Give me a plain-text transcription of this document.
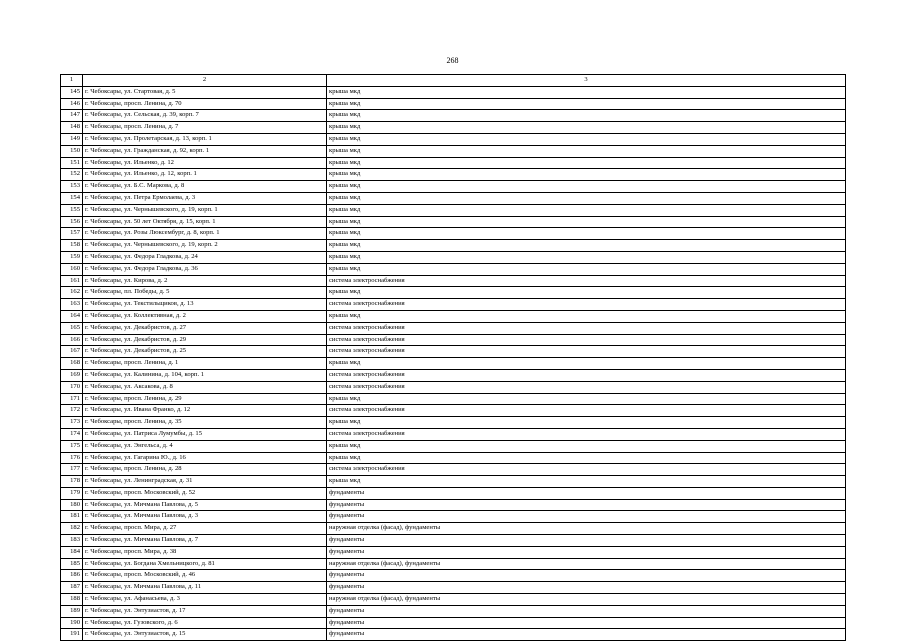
268
1	2	3
145	г. Чебоксары, ул. Стартовая, д. 5	крыша мкд
146	г. Чебоксары, просп. Ленина, д. 70	крыша мкд
147	г. Чебоксары, ул. Сельская, д. 39, корп. 7	крыша мкд
148	г. Чебоксары, просп. Ленина, д. 7	крыша мкд
149	г. Чебоксары, ул. Пролетарская, д. 13, корп. 1	крыша мкд
150	г. Чебоксары, ул. Гражданская, д. 92, корп. 1	крыша мкд
151	г. Чебоксары, ул. Ильенко, д. 12	крыша мкд
152	г. Чебоксары, ул. Ильенко, д. 12, корп. 1	крыша мкд
153	г. Чебоксары, ул. Б.С. Маркова, д. 8	крыша мкд
154	г. Чебоксары, ул. Петра Ермолаева, д. 3	крыша мкд
155	г. Чебоксары, ул. Чернышевского, д. 19, корп. 1	крыша мкд
156	г. Чебоксары, ул. 50 лет Октября, д. 15, корп. 1	крыша мкд
157	г. Чебоксары, ул. Розы Люксембург, д. 8, корп. 1	крыша мкд
158	г. Чебоксары, ул. Чернышевского, д. 19, корп. 2	крыша мкд
159	г. Чебоксары, ул. Федора Гладкова, д. 24	крыша мкд
160	г. Чебоксары, ул. Федора Гладкова, д. 36	крыша мкд
161	г. Чебоксары, ул. Кирова, д. 2	система электроснабжения
162	г. Чебоксары, пл. Победы, д. 5	крыша мкд
163	г. Чебоксары, ул. Текстильщиков, д. 13	система электроснабжения
164	г. Чебоксары, ул. Коллективная, д. 2	крыша мкд
165	г. Чебоксары, ул. Декабристов, д. 27	система электроснабжения
166	г. Чебоксары, ул. Декабристов, д. 29	система электроснабжения
167	г. Чебоксары, ул. Декабристов, д. 25	система электроснабжения
168	г. Чебоксары, просп. Ленина, д. 1	крыша мкд
169	г. Чебоксары, ул. Калинина, д. 104, корп. 1	система электроснабжения
170	г. Чебоксары, ул. Аксакова, д. 8	система электроснабжения
171	г. Чебоксары, просп. Ленина, д. 29	крыша мкд
172	г. Чебоксары, ул. Ивана Франко, д. 12	система электроснабжения
173	г. Чебоксары, просп. Ленина, д. 35	крыша мкд
174	г. Чебоксары, ул. Патриса Лумумбы, д. 15	система электроснабжения
175	г. Чебоксары, ул. Энгельса, д. 4	крыша мкд
176	г. Чебоксары, ул. Гагарина Ю., д. 16	крыша мкд
177	г. Чебоксары, просп. Ленина, д. 28	система электроснабжения
178	г. Чебоксары, ул. Ленинградская, д. 31	крыша мкд
179	г. Чебоксары, просп. Московский, д. 52	фундаменты
180	г. Чебоксары, ул. Мичмана Павлова, д. 5	фундаменты
181	г. Чебоксары, ул. Мичмана Павлова, д. 3	фундаменты
182	г. Чебоксары, просп. Мира, д. 27	наружная отделка (фасад), фундаменты
183	г. Чебоксары, ул. Мичмана Павлова, д. 7	фундаменты
184	г. Чебоксары, просп. Мира, д. 38	фундаменты
185	г. Чебоксары, ул. Богдана Хмельницкого, д. 81	наружная отделка (фасад), фундаменты
186	г. Чебоксары, просп. Московский, д. 46	фундаменты
187	г. Чебоксары, ул. Мичмана Павлова, д. 11	фундаменты
188	г. Чебоксары, ул. Афанасьева, д. 3	наружная отделка (фасад), фундаменты
189	г. Чебоксары, ул. Энтузиастов, д. 17	фундаменты
190	г. Чебоксары, ул. Гузовского, д. 6	фундаменты
191	г. Чебоксары, ул. Энтузиастов, д. 15	фундаменты
